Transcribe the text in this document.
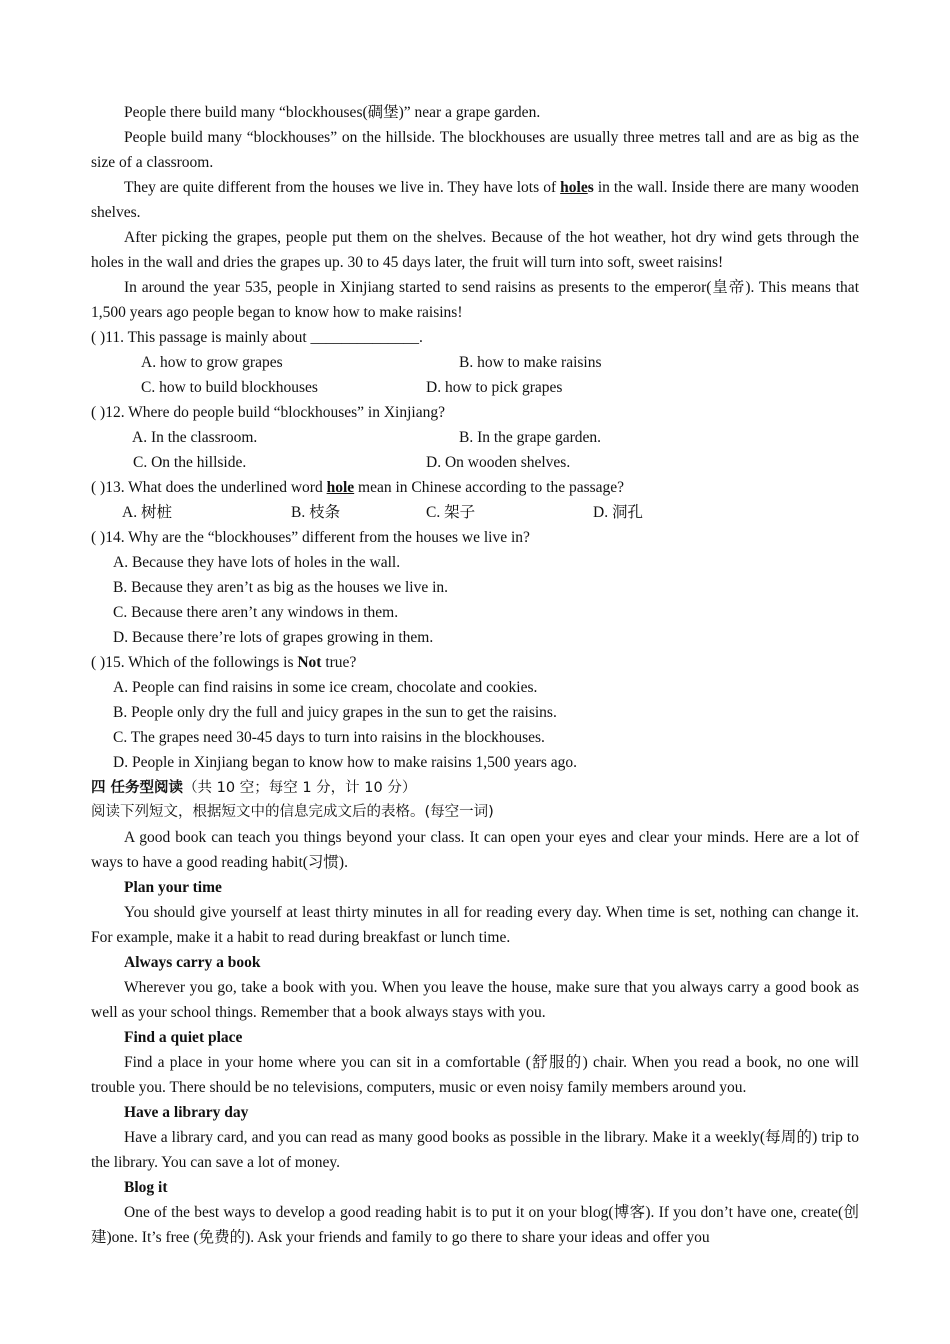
People there build many “blockhouses(碉堡)” near a grape garden.

People build many “blockhouses” on the hillside. The blockhouses are usually three metres tall and are as big as the size of a classroom.

They are quite different from the houses we live in. They have lots of holes in the wall. Inside there are many wooden shelves.

After picking the grapes, people put them on the shelves. Because of the hot weather, hot dry wind gets through the holes in the wall and dries the grapes up. 30 to 45 days later, the fruit will turn into soft, sweet raisins!

In around the year 535, people in Xinjiang started to send raisins as presents to the emperor(皇帝). This means that 1,500 years ago people began to know how to make raisins!

( )11. This passage is mainly about ______________.
A. how to grow grapes	B. how to make raisins
C. how to build blockhouses	D. how to pick grapes
( )12. Where do people build “blockhouses” in Xinjiang?
A. In the classroom.	B. In the grape garden.
C. On the hillside.	D. On wooden shelves.
( )13. What does the underlined word hole mean in Chinese according to the passage?
A. 树桩	B. 枝条	C. 架子	D. 洞孔
( )14. Why are the “blockhouses” different from the houses we live in?
A. Because they have lots of holes in the wall.
B. Because they aren’t as big as the houses we live in.
C. Because there aren’t any windows in them.
D. Because there’re lots of grapes growing in them.
( )15. Which of the followings is Not true?
A. People can find raisins in some ice cream, chocolate and cookies.
B. People only dry the full and juicy grapes in the sun to get the raisins.
C. The grapes need 30-45 days to turn into raisins in the blockhouses.
D. People in Xinjiang began to know how to make raisins 1,500 years ago.
四 任务型阅读（共 10 空；每空 1 分，计 10 分）
阅读下列短文，根据短文中的信息完成文后的表格。(每空一词)

A good book can teach you things beyond your class. It can open your eyes and clear your minds. Here are a lot of ways to have a good reading habit(习惯).

Plan your time

You should give yourself at least thirty minutes in all for reading every day. When time is set, nothing can change it. For example, make it a habit to read during breakfast or lunch time.

Always carry a book

Wherever you go, take a book with you. When you leave the house, make sure that you always carry a good book as well as your school things. Remember that a book always stays with you.

Find a quiet place

Find a place in your home where you can sit in a comfortable (舒服的) chair. When you read a book, no one will trouble you. There should be no televisions, computers, music or even noisy family members around you.

Have a library day

Have a library card, and you can read as many good books as possible in the library. Make it a weekly(每周的) trip to the library. You can save a lot of money.

Blog it

One of the best ways to develop a good reading habit is to put it on your blog(博客). If you don’t have one, create(创建)one. It’s free (免费的). Ask your friends and family to go there to share your ideas and offer you
